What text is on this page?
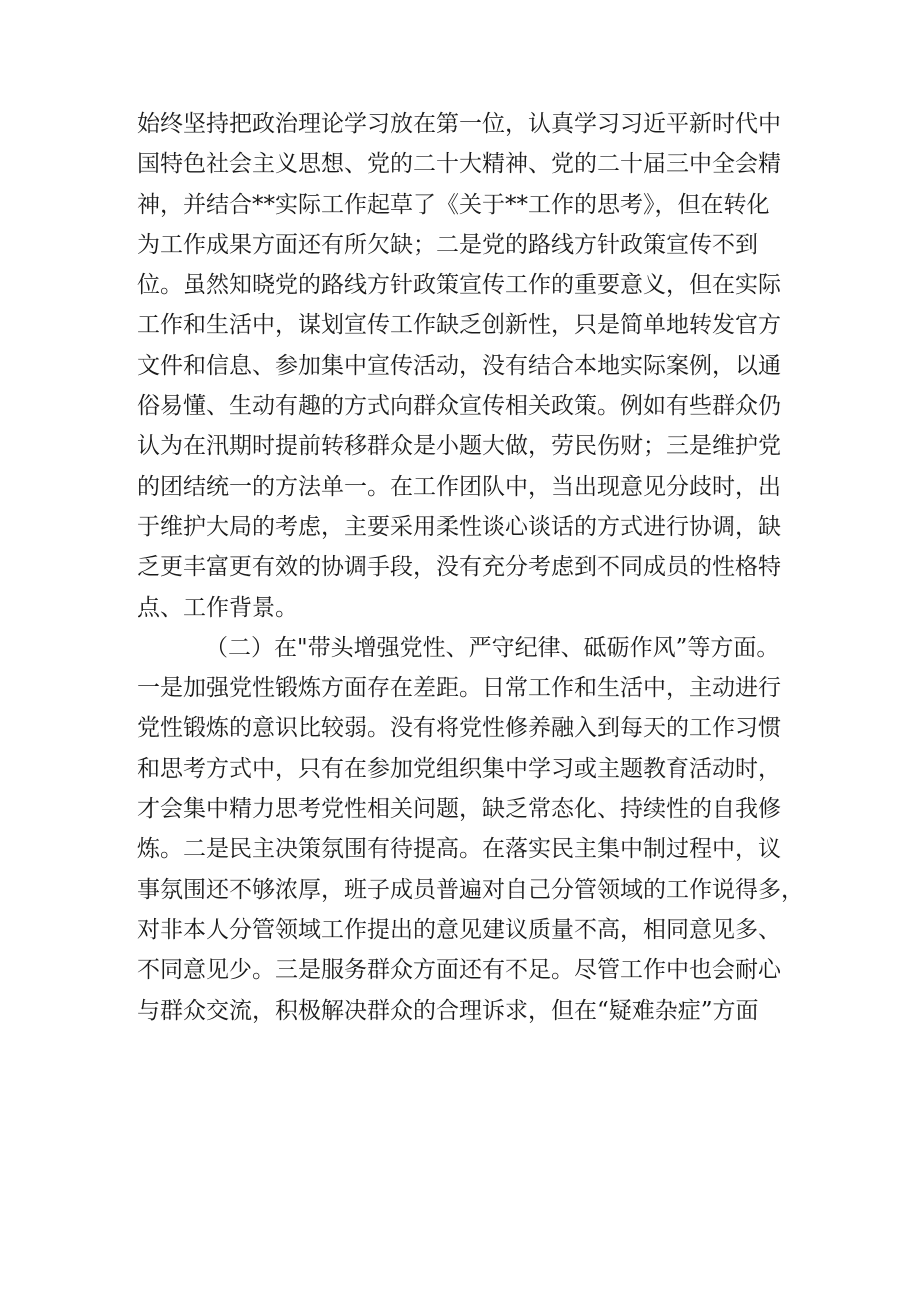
始终坚持把政治理论学习放在第一位，认真学习习近平新时代中
国特色社会主义思想、党的二十大精神、党的二十届三中全会精
神，并结合**实际工作起草了《关于**工作的思考》，但在转化
为工作成果方面还有所欠缺；二是党的路线方针政策宣传不到
位。虽然知晓党的路线方针政策宣传工作的重要意义，但在实际
工作和生活中，谋划宣传工作缺乏创新性，只是简单地转发官方
文件和信息、参加集中宣传活动，没有结合本地实际案例，以通
俗易懂、生动有趣的方式向群众宣传相关政策。例如有些群众仍
认为在汛期时提前转移群众是小题大做，劳民伤财；三是维护党
的团结统一的方法单一。在工作团队中，当出现意见分歧时，出
于维护大局的考虑，主要采用柔性谈心谈话的方式进行协调，缺
乏更丰富更有效的协调手段，没有充分考虑到不同成员的性格特
点、工作背景。
（二）在"带头增强党性、严守纪律、砥砺作风”等方面。
一是加强党性锻炼方面存在差距。日常工作和生活中，主动进行
党性锻炼的意识比较弱。没有将党性修养融入到每天的工作习惯
和思考方式中，只有在参加党组织集中学习或主题教育活动时，
才会集中精力思考党性相关问题，缺乏常态化、持续性的自我修
炼。二是民主决策氛围有待提高。在落实民主集中制过程中，议
事氛围还不够浓厚，班子成员普遍对自己分管领域的工作说得多，
对非本人分管领域工作提出的意见建议质量不高，相同意见多、
不同意见少。三是服务群众方面还有不足。尽管工作中也会耐心
与群众交流，积极解决群众的合理诉求，但在“疑难杂症”方面
